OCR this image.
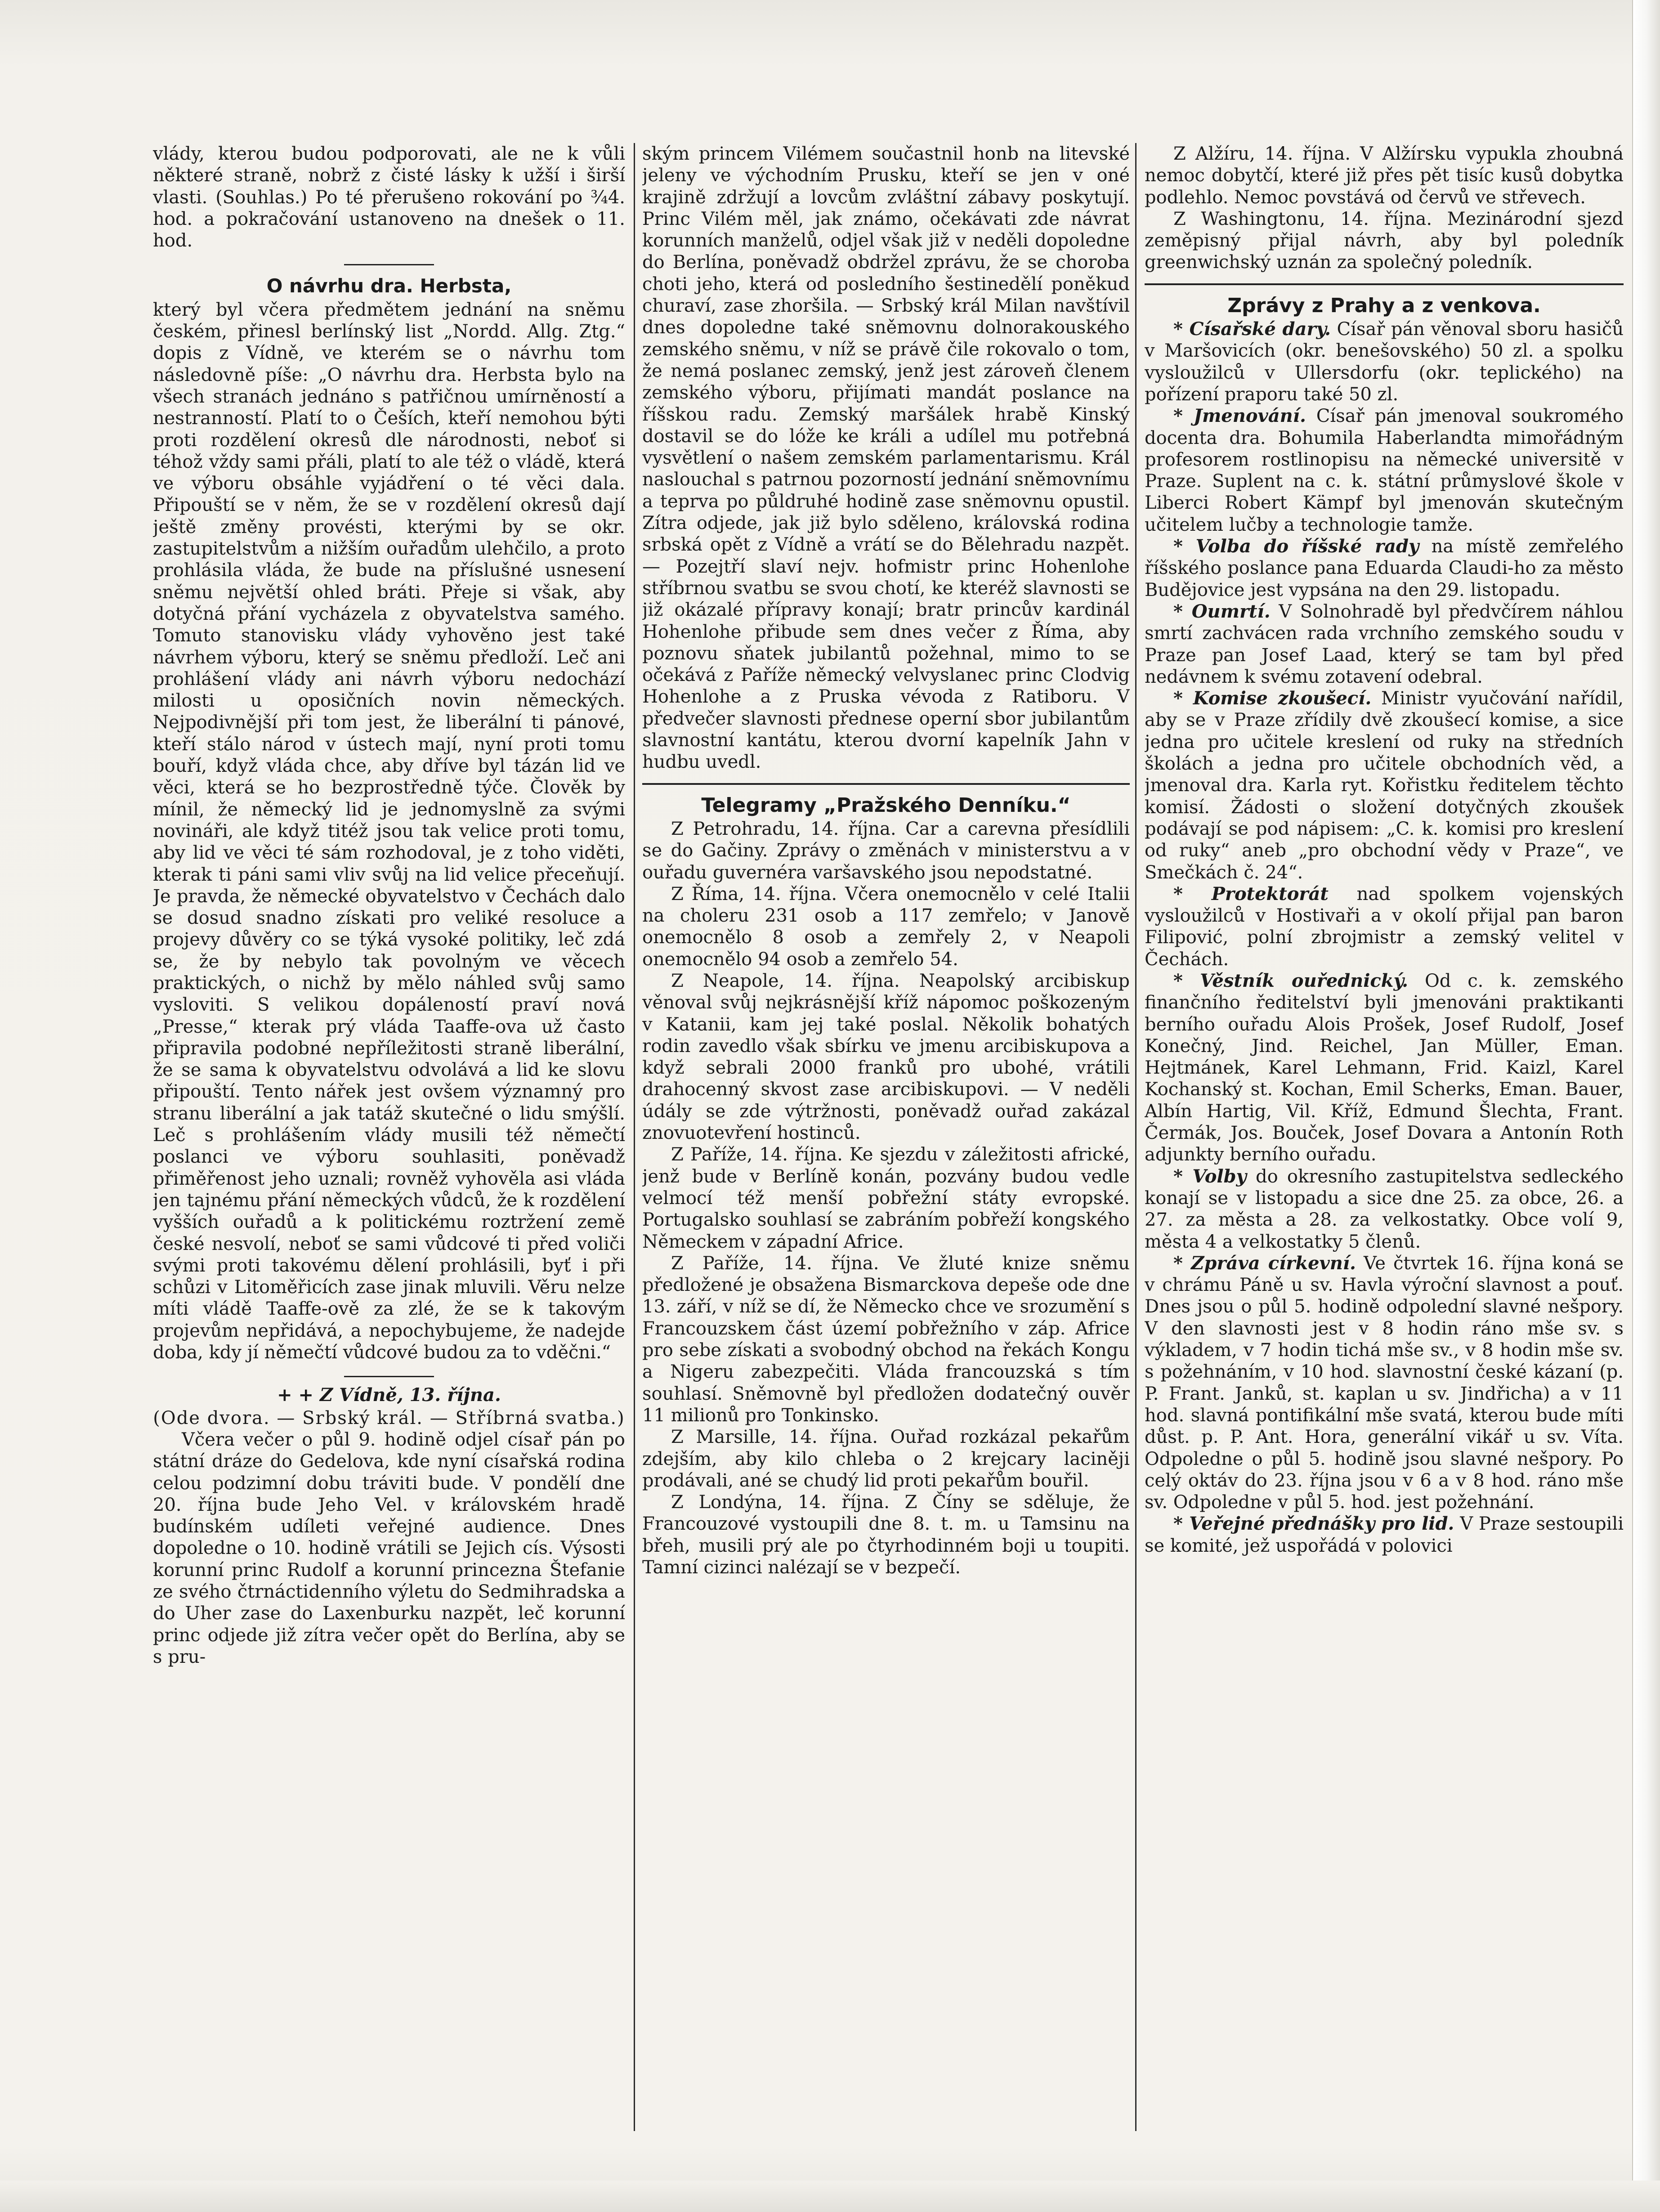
vlády, kterou budou podporovati, ale ne k vůli některé straně, nobrž z čisté lásky k užší i širší vlasti. (Souhlas.) Po té přerušeno rokování po ¾4. hod. a pokračování ustanoveno na dnešek o 11. hod.

O návrhu dra. Herbsta,

který byl včera předmětem jednání na sněmu českém, přinesl berlínský list „Nordd. Allg. Ztg.“ dopis z Vídně, ve kterém se o návrhu tom následovně píše: „O návrhu dra. Herbsta bylo na všech stranách jednáno s patřičnou umírněností a nestranností. Platí to o Češích, kteří nemohou býti proti rozdělení okresů dle národnosti, neboť si téhož vždy sami přáli, platí to ale též o vládě, která ve výboru obsáhle vyjádření o té věci dala. Připouští se v něm, že se v rozdělení okresů dají ještě změny provésti, kterými by se okr. zastupitelstvům a nižším ouřadům ulehčilo, a proto prohlásila vláda, že bude na příslušné usnesení sněmu největší ohled bráti. Přeje si však, aby dotyčná přání vycházela z obyvatelstva samého. Tomuto stanovisku vlády vyhověno jest také návrhem výboru, který se sněmu předloží. Leč ani prohlášení vlády ani návrh výboru nedochází milosti u oposičních novin německých. Nejpodivnější při tom jest, že liberální ti pánové, kteří stálo národ v ústech mají, nyní proti tomu bouří, když vláda chce, aby dříve byl tázán lid ve věci, která se ho bezprostředně týče. Člověk by mínil, že německý lid je jednomyslně za svými novináři, ale když titéž jsou tak velice proti tomu, aby lid ve věci té sám rozhodoval, je z toho viděti, kterak ti páni sami vliv svůj na lid velice přeceňují. Je pravda, že německé obyvatelstvo v Čechách dalo se dosud snadno získati pro veliké resoluce a projevy důvěry co se týká vysoké politiky, leč zdá se, že by nebylo tak povolným ve věcech praktických, o nichž by mělo náhled svůj samo vysloviti. S velikou dopáleností praví nová „Presse,“ kterak prý vláda Taaffe-ova už často připravila podobné nepříležitosti straně liberální, že se sama k obyvatelstvu odvolává a lid ke slovu připouští. Tento nářek jest ovšem významný pro stranu liberální a jak tatáž skutečné o lidu smýšlí. Leč s prohlášením vlády musili též němečtí poslanci ve výboru souhlasiti, poněvadž přiměřenost jeho uznali; rovněž vyhověla asi vláda jen tajnému přání německých vůdců, že k rozdělení vyšších ouřadů a k politickému roztržení země české nesvolí, neboť se sami vůdcové ti před voliči svými proti takovému dělení prohlásili, byť i při schůzi v Litoměřicích zase jinak mluvili. Věru nelze míti vládě Taaffe-ově za zlé, že se k takovým projevům nepřidává, a nepochybujeme, že nadejde doba, kdy jí němečtí vůdcové budou za to vděčni.“

+ + Z Vídně, 13. října.
(Ode dvora. — Srbský král. — Stříbrná svatba.)

Včera večer o půl 9. hodině odjel císař pán po státní dráze do Gedelova, kde nyní císařská rodina celou podzimní dobu tráviti bude. V pondělí dne 20. října bude Jeho Vel. v královském hradě budínském udíleti veřejné audience. Dnes dopoledne o 10. hodině vrátili se Jejich cís. Výsosti korunní princ Rudolf a korunní princezna Štefanie ze svého čtrnáctidenního výletu do Sedmihradska a do Uher zase do Laxenburku nazpět, leč korunní princ odjede již zítra večer opět do Berlína, aby se s pru-

ským princem Vilémem součastnil honb na litevské jeleny ve východním Prusku, kteří se jen v oné krajině zdržují a lovcům zvláštní zábavy poskytují. Princ Vilém měl, jak známo, očekávati zde návrat korunních manželů, odjel však již v neděli dopoledne do Berlína, poněvadž obdržel zprávu, že se choroba choti jeho, která od posledního šestinedělí poněkud churaví, zase zhoršila. — Srbský král Milan navštívil dnes dopoledne také sněmovnu dolnorakouského zemského sněmu, v níž se právě čile rokovalo o tom, že nemá poslanec zemský, jenž jest zároveň členem zemského výboru, přijímati mandát poslance na říšskou radu. Zemský maršálek hrabě Kinský dostavil se do lóže ke králi a udílel mu potřebná vysvětlení o našem zemském parlamentarismu. Král naslouchal s patrnou pozorností jednání sněmovnímu a teprva po půldruhé hodině zase sněmovnu opustil. Zítra odjede, jak již bylo sděleno, královská rodina srbská opět z Vídně a vrátí se do Bělehradu nazpět. — Pozejtří slaví nejv. hofmistr princ Hohenlohe stříbrnou svatbu se svou chotí, ke kteréž slavnosti se již okázalé přípravy konají; bratr princův kardinál Hohenlohe přibude sem dnes večer z Říma, aby poznovu sňatek jubilantů požehnal, mimo to se očekává z Paříže německý velvyslanec princ Clodvig Hohenlohe a z Pruska vévoda z Ratiboru. V předvečer slavnosti přednese operní sbor jubilantům slavnostní kantátu, kterou dvorní kapelník Jahn v hudbu uvedl.

Telegramy „Pražského Denníku.“

Z Petrohradu, 14. října. Car a carevna přesídlili se do Gačiny. Zprávy o změnách v ministerstvu a v ouřadu guvernéra varšavského jsou nepodstatné.

Z Říma, 14. října. Včera onemocnělo v celé Italii na choleru 231 osob a 117 zemřelo; v Janově onemocnělo 8 osob a zemřely 2, v Neapoli onemocnělo 94 osob a zemřelo 54.

Z Neapole, 14. října. Neapolský arcibiskup věnoval svůj nejkrásnější kříž nápomoc poškozeným v Katanii, kam jej také poslal. Několik bohatých rodin zavedlo však sbírku ve jmenu arcibiskupova a když sebrali 2000 franků pro ubohé, vrátili drahocenný skvost zase arcibiskupovi. — V neděli údály se zde výtržnosti, poněvadž ouřad zakázal znovuotevření hostinců.

Z Paříže, 14. října. Ke sjezdu v záležitosti africké, jenž bude v Berlíně konán, pozvány budou vedle velmocí též menší pobřežní státy evropské. Portugalsko souhlasí se zabráním pobřeží kongského Německem v západní Africe.

Z Paříže, 14. října. Ve žluté knize sněmu předložené je obsažena Bismarckova depeše ode dne 13. září, v níž se dí, že Německo chce ve srozumění s Francouzskem část území pobřežního v záp. Africe pro sebe získati a svobodný obchod na řekách Kongu a Nigeru zabezpečiti. Vláda francouzská s tím souhlasí. Sněmovně byl předložen dodatečný ouvěr 11 milionů pro Tonkinsko.

Z Marsille, 14. října. Ouřad rozkázal pekařům zdejším, aby kilo chleba o 2 krejcary laciněji prodávali, ané se chudý lid proti pekařům bouřil.

Z Londýna, 14. října. Z Číny se sděluje, že Francouzové vystoupili dne 8. t. m. u Tamsinu na břeh, musili prý ale po čtyrhodinném boji u toupiti. Tamní cizinci nalézají se v bezpečí.

Z Alžíru, 14. října. V Alžírsku vypukla zhoubná nemoc dobytčí, které již přes pět tisíc kusů dobytka podlehlo. Nemoc povstává od červů ve střevech.

Z Washingtonu, 14. října. Mezinárodní sjezd zeměpisný přijal návrh, aby byl poledník greenwichský uznán za společný poledník.

Zprávy z Prahy a z venkova.

* Císařské dary. Císař pán věnoval sboru hasičů v Maršovicích (okr. benešovského) 50 zl. a spolku vysloužilců v Ullersdorfu (okr. teplického) na pořízení praporu také 50 zl.

* Jmenování. Císař pán jmenoval soukromého docenta dra. Bohumila Haberlandta mimořádným profesorem rostlinopisu na německé universitě v Praze. Suplent na c. k. státní průmyslové škole v Liberci Robert Kämpf byl jmenován skutečným učitelem lučby a technologie tamže.

* Volba do říšské rady na místě zemřelého říšského poslance pana Eduarda Claudi-ho za město Budějovice jest vypsána na den 29. listopadu.

* Oumrtí. V Solnohradě byl předvčírem náhlou smrtí zachvácen rada vrchního zemského soudu v Praze pan Josef Laad, který se tam byl před nedávnem k svému zotavení odebral.

* Komise zkoušecí. Ministr vyučování nařídil, aby se v Praze zřídily dvě zkoušecí komise, a sice jedna pro učitele kreslení od ruky na středních školách a jedna pro učitele obchodních věd, a jmenoval dra. Karla ryt. Kořistku ředitelem těchto komisí. Žádosti o složení dotyčných zkoušek podávají se pod nápisem: „C. k. komisi pro kreslení od ruky“ aneb „pro obchodní vědy v Praze“, ve Smečkách č. 24“.

* Protektorát nad spolkem vojenských vysloužilců v Hostivaři a v okolí přijal pan baron Filipović, polní zbrojmistr a zemský velitel v Čechách.

* Věstník ouřednický. Od c. k. zemského finančního ředitelství byli jmenováni praktikanti berního ouřadu Alois Prošek, Josef Rudolf, Josef Konečný, Jind. Reichel, Jan Müller, Eman. Hejtmánek, Karel Lehmann, Frid. Kaizl, Karel Kochanský st. Kochan, Emil Scherks, Eman. Bauer, Albín Hartig, Vil. Kříž, Edmund Šlechta, Frant. Čermák, Jos. Bouček, Josef Dovara a Antonín Roth adjunkty berního ouřadu.

* Volby do okresního zastupitelstva sedleckého konají se v listopadu a sice dne 25. za obce, 26. a 27. za města a 28. za velkostatky. Obce volí 9, města 4 a velkostatky 5 členů.

* Zpráva církevní. Ve čtvrtek 16. října koná se v chrámu Páně u sv. Havla výroční slavnost a pouť. Dnes jsou o půl 5. hodině odpolední slavné nešpory. V den slavnosti jest v 8 hodin ráno mše sv. s výkladem, v 7 hodin tichá mše sv., v 8 hodin mše sv. s požehnáním, v 10 hod. slavnostní české kázaní (p. P. Frant. Janků, st. kaplan u sv. Jindřicha) a v 11 hod. slavná pontifikální mše svatá, kterou bude míti důst. p. P. Ant. Hora, generální vikář u sv. Víta. Odpoledne o půl 5. hodině jsou slavné nešpory. Po celý oktáv do 23. října jsou v 6 a v 8 hod. ráno mše sv. Odpoledne v půl 5. hod. jest požehnání.

* Veřejné přednášky pro lid. V Praze sestoupili se komité, jež uspořádá v polovici
